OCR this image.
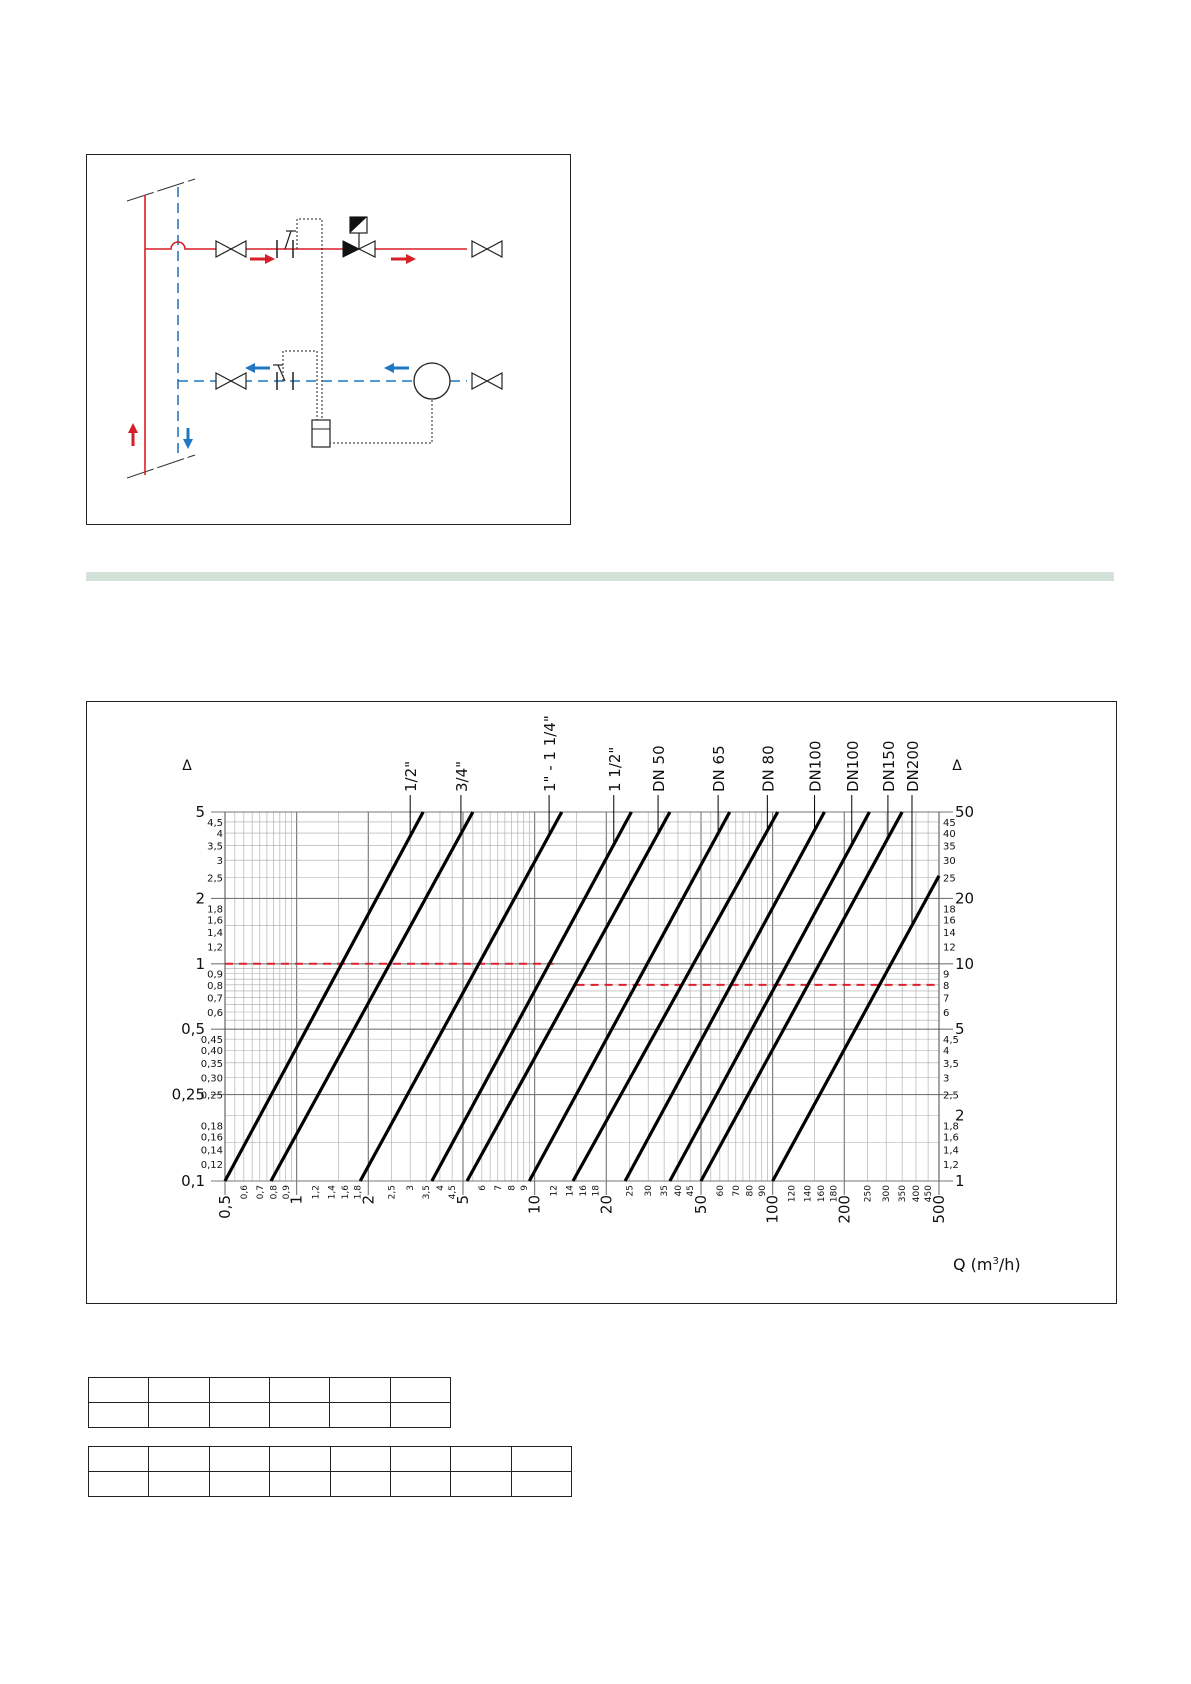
5
2
1
0,5
0,25
0,1
4,5
4
3,5
3
2,5
1,8
1,6
1,4
1,2
0,9
0,8
0,7
0,6
0,45
0,40
0,35
0,30
0,25
0,18
0,16
0,14
0,12
50
20
10
5
2
1
45
40
35
30
25
18
16
14
12
9
8
7
6
4,5
4
3,5
3
2,5
1,8
1,6
1,4
1,2
0,5	1	2	5	10	20	50	100	200	500
0,6 0,7 0,8 0,9 1,2 1,4 1,6 1,8	2,5 3 3,5 4 4,5 6 7 8 9 12 14 16 18	25 30 35 40 45 60 70 80 90 120 140 160 180	250 300 350 400 450
1/2" 3/4"	1" - 1 1/4"	1 1/2" DN 50	DN 65 DN 80 DN100 DN100 DN150 DN200
Δ	Δ
Q $(m^3/h)$
